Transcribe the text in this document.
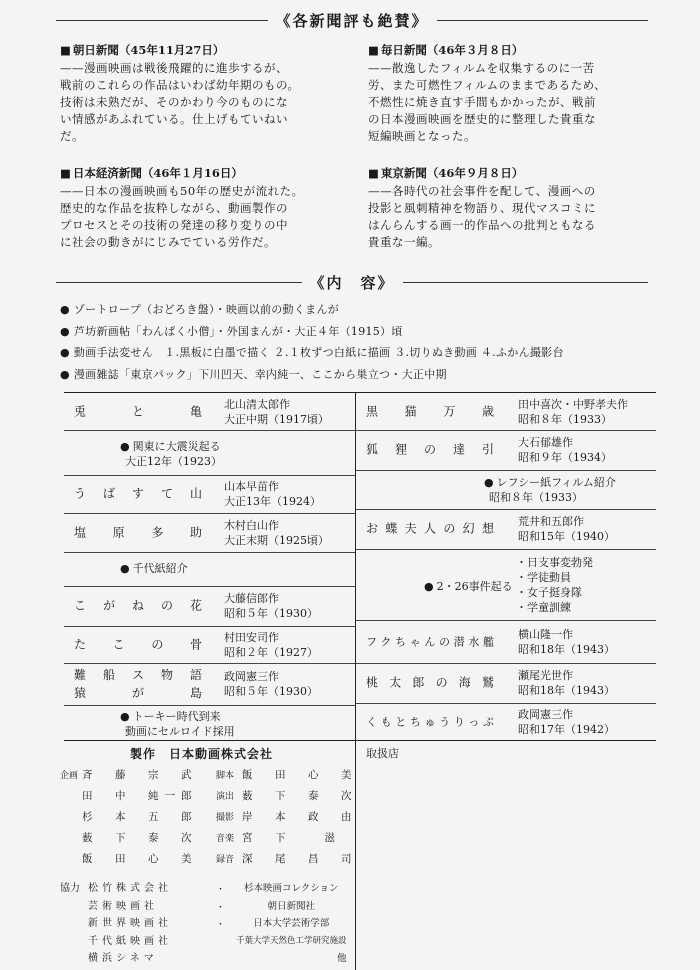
《各新聞評も絶賛》
■ 朝日新聞（45年11月27日）
——漫画映画は戦後飛躍的に進歩するが、
戦前のこれらの作品はいわば幼年期のもの。
技術は未熟だが、そのかわり今のものにな
い情感があふれている。仕上げもていねい
だ。
■ 毎日新聞（46年３月８日）
——散逸したフィルムを収集するのに一苦
労、また可燃性フィルムのままであるため、
不燃性に焼き直す手間もかかったが、戦前
の日本漫画映画を歴史的に整理した貴重な
短編映画となった。
■ 日本経済新聞（46年１月16日）
——日本の漫画映画も50年の歴史が流れた。
歴史的な作品を抜粋しながら、動画製作の
プロセスとその技術の発達の移り変りの中
に社会の動きがにじみでている労作だ。
■ 東京新聞（46年９月８日）
——各時代の社会事件を配して、漫画への
投影と風刺精神を物語り、現代マスコミに
はんらんする画一的作品への批判ともなる
貴重な一編。
《内　容》
● ゾートロープ（おどろき盤）・映画以前の動くまんが
● 芦坊新画帖「わんぱく小僧」・外国まんが・大正４年（1915）頃
● 動画手法変せん　１.黒板に白墨で描く ２.１枚ずつ白紙に描画 ３.切りぬき動画 ４.ふかん撮影台
● 漫画雑誌「東京パック」下川凹天、幸内純一、ここから巣立つ・大正中期
兎　と　亀 北山清太郎作
大正中期（1917頃）
● 関東に大震災起る
大正12年（1923）
うばすて山 山本早苗作
大正13年（1924）
塩　原　多　助 木村白山作
大正末期（1925頃）
● 千代紙紹介
こがねの花 大藤信郎作
昭和５年（1930）
たこの骨 村田安司作
昭和２年（1927）
難船ス物語
猿　が　島
政岡憲三作
昭和５年（1930）
● トーキー時代到来
動画にセルロイド採用
黒　猫　万　歳 田中喜次・中野孝夫作
昭和８年（1933）
狐　狸　の　達　引 大石郁雄作
昭和９年（1934）
● レフシー紙フィルム紹介
昭和８年（1933）
お蝶夫人の幻想 荒井和五郎作
昭和15年（1940）
● 2・26事件起る
・ 日支事変勃発
・ 学徒動員
・ 女子挺身隊
・ 学童訓練
フクちゃんの潜水艦
横山隆一作
昭和18年（1943）
桃太郎の海鷲 瀬尾光世作
昭和18年（1943）
くもとちゅうりっぷ
政岡憲三作
昭和17年（1942）
製作　日本動画株式会社	取扱店
企画 斉　藤　宗　武
田　中　純一郎
杉　本　五　郎
薮　下　泰　次
飯　田　心　美
脚本 飯　田　心　美
演出 薮　下　泰　次
撮影 岸　本　政　由
音楽 宮　下　　滋
録音 深　尾　昌　司
協力 松竹株式会社
芸術映画社
新世界映画社
千代紙映画社
横浜シネマ
・
・
・
杉本映画コレクション
朝日新聞社
日本大学芸術学部
千葉大学天然色工学研究施設
他
